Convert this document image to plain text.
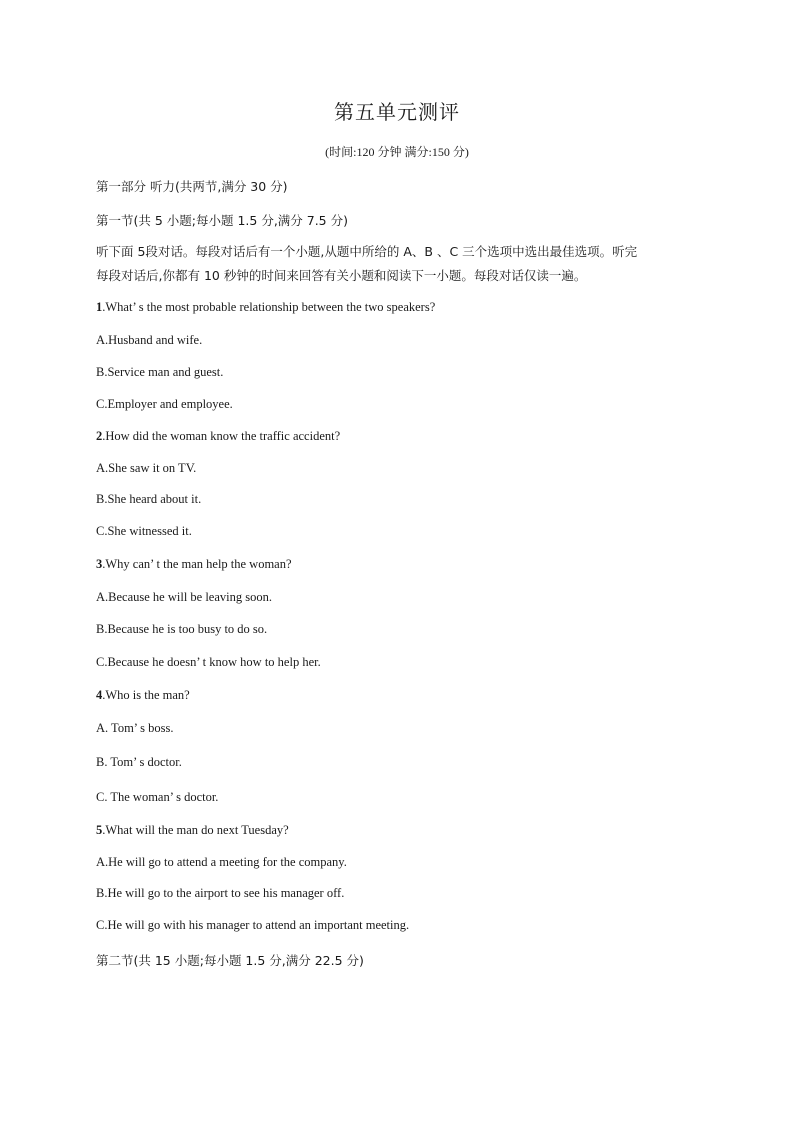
第五单元测评
(时间:120 分钟 满分:150 分)
第一部分 听力(共两节,满分 30 分)
第一节(共 5 小题;每小题 1.5 分,满分 7.5 分)
听下面 5段对话。每段对话后有一个小题,从题中所给的 A、B 、C 三个选项中选出最佳选项。听完
每段对话后,你都有 10 秒钟的时间来回答有关小题和阅读下一小题。每段对话仅读一遍。
1.What’ s the most probable relationship between the two speakers?
A.Husband and wife.
B.Service man and guest.
C.Employer and employee.
2.How did the woman know the traffic accident?
A.She saw it on TV.
B.She heard about it.
C.She witnessed it.
3.Why can’ t the man help the woman?
A.Because he will be leaving soon.
B.Because he is too busy to do so.
C.Because he doesn’ t know how to help her.
4.Who is the man?
A. Tom’ s boss.
B. Tom’ s doctor.
C. The woman’ s doctor.
5.What will the man do next Tuesday?
A.He will go to attend a meeting for the company.
B.He will go to the airport to see his manager off.
C.He will go with his manager to attend an important meeting.
第二节(共 15 小题;每小题 1.5 分,满分 22.5 分)
